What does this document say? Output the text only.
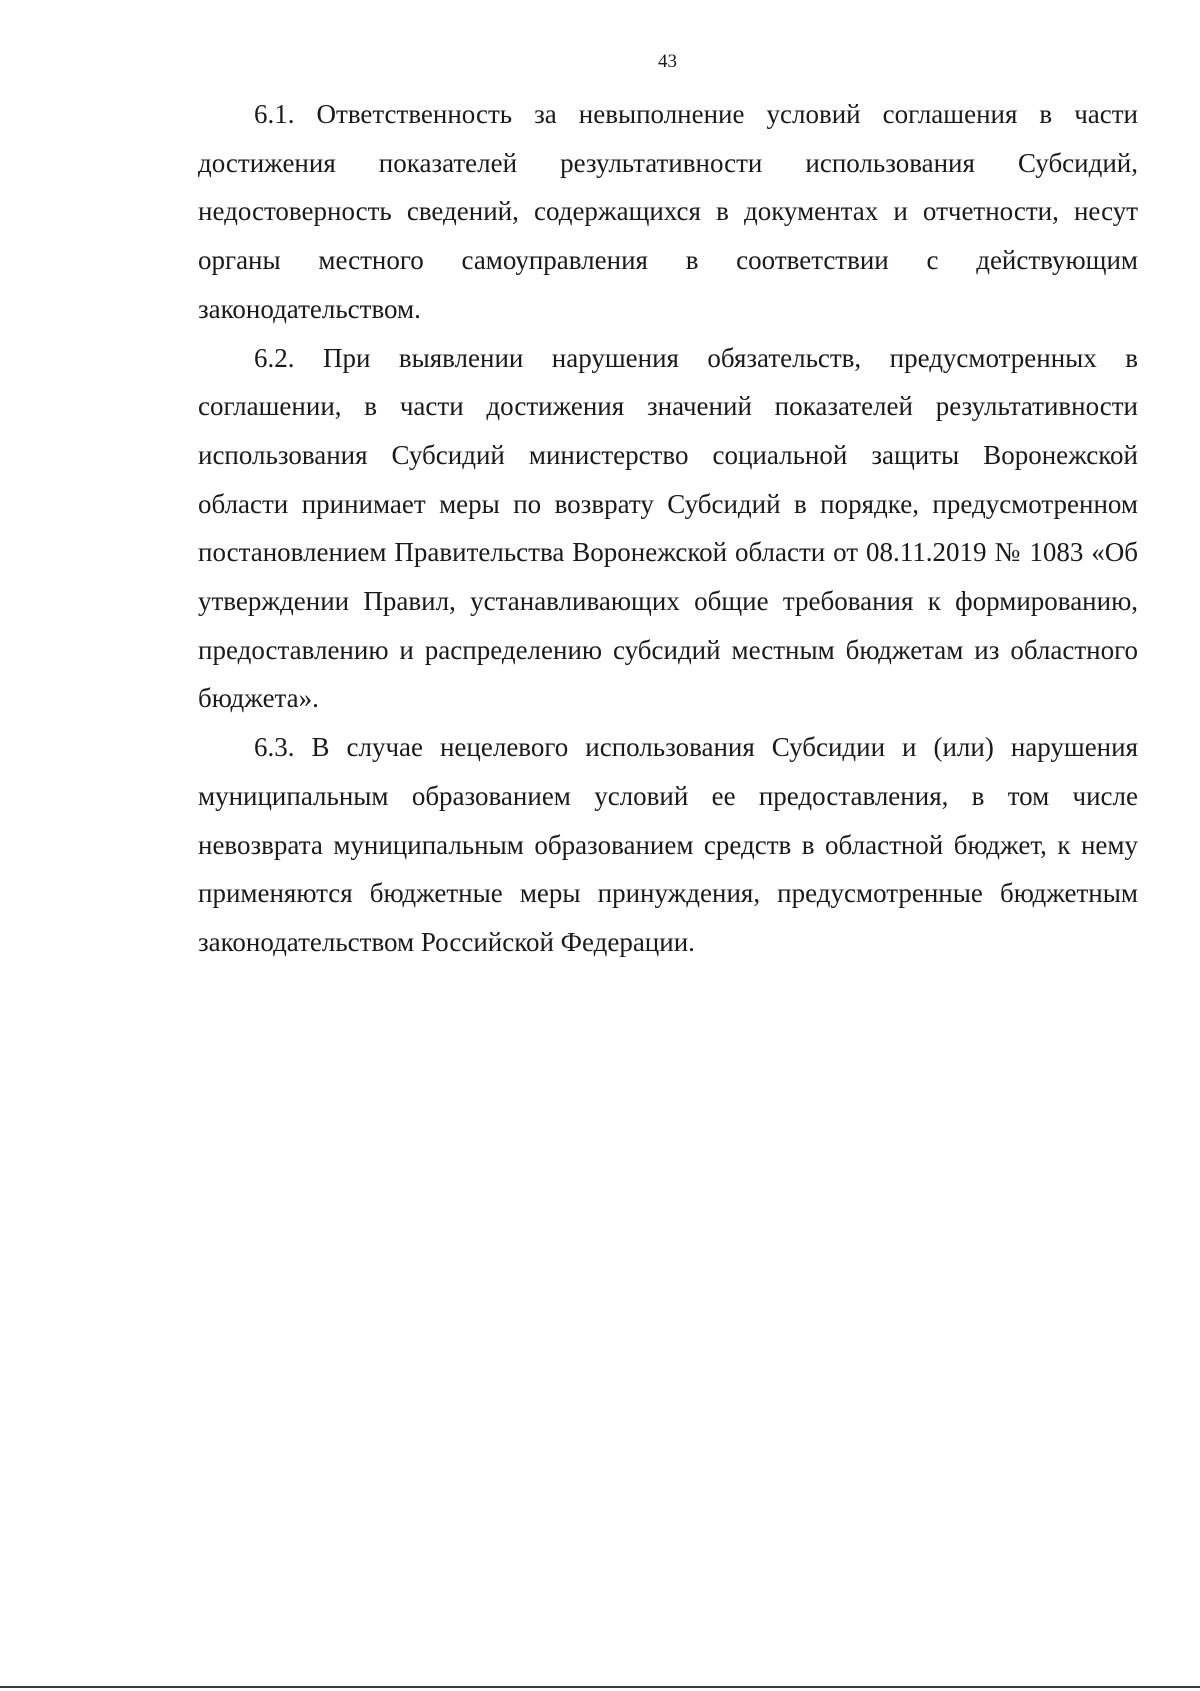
43

6.1. Ответственность за невыполнение условий соглашения в части достижения показателей результативности использования Субсидий, недостоверность сведений, содержащихся в документах и отчетности, несут органы местного самоуправления в соответствии с действующим законодательством.

6.2. При выявлении нарушения обязательств, предусмотренных в соглашении, в части достижения значений показателей результативности использования Субсидий министерство социальной защиты Воронежской области принимает меры по возврату Субсидий в порядке, предусмотренном постановлением Правительства Воронежской области от 08.11.2019 № 1083 «Об утверждении Правил, устанавливающих общие требования к формированию, предоставлению и распределению субсидий местным бюджетам из областного бюджета».

6.3. В случае нецелевого использования Субсидии и (или) нарушения муниципальным образованием условий ее предоставления, в том числе невозврата муниципальным образованием средств в областной бюджет, к нему применяются бюджетные меры принуждения, предусмотренные бюджетным законодательством Российской Федерации.
